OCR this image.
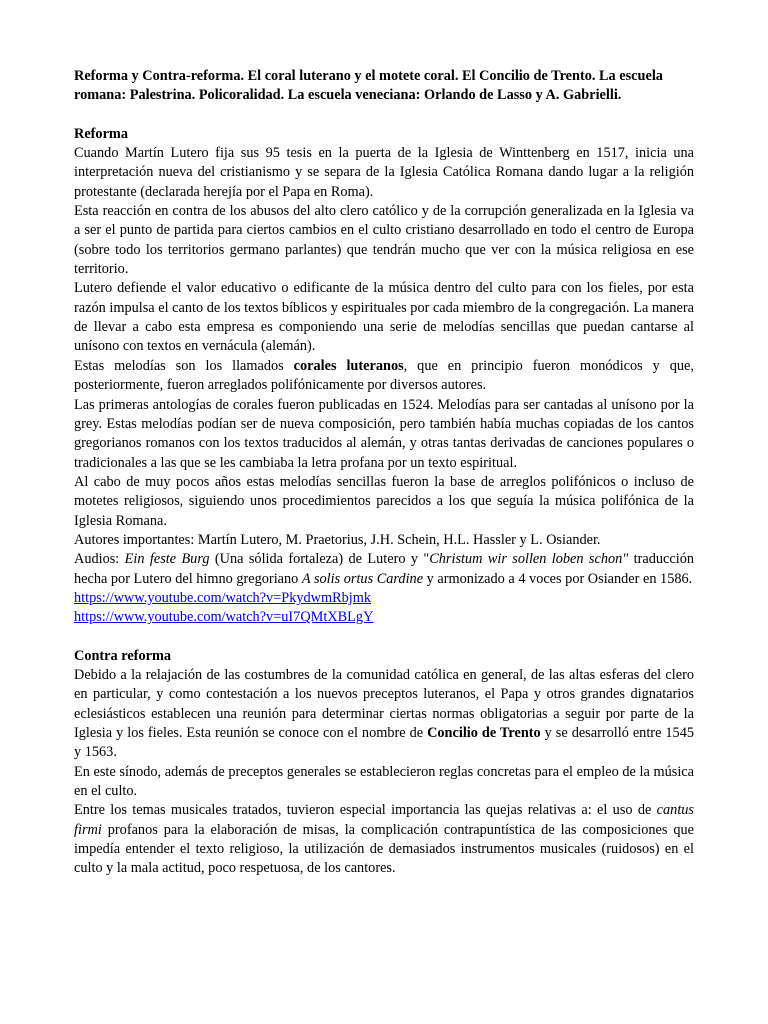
Reforma y Contra-reforma. El coral luterano y el motete coral. El Concilio de Trento. La escuela romana: Palestrina. Policoralidad. La escuela veneciana: Orlando de Lasso y A. Gabrielli.

Reforma

Cuando Martín Lutero fija sus 95 tesis en la puerta de la Iglesia de Winttenberg en 1517, inicia una interpretación nueva del cristianismo y se separa de la Iglesia Católica Romana dando lugar a la religión protestante (declarada herejía por el Papa en Roma).

Esta reacción en contra de los abusos del alto clero católico y de la corrupción generalizada en la Iglesia va a ser el punto de partida para ciertos cambios en el culto cristiano desarrollado en todo el centro de Europa (sobre todo los territorios germano parlantes) que tendrán mucho que ver con la música religiosa en ese territorio.

Lutero defiende el valor educativo o edificante de la música dentro del culto para con los fieles, por esta razón impulsa el canto de los textos bíblicos y espirituales por cada miembro de la congregación. La manera de llevar a cabo esta empresa es componiendo una serie de melodías sencillas que puedan cantarse al unísono con textos en vernácula (alemán).

Estas melodías son los llamados corales luteranos, que en principio fueron monódicos y que, posteriormente, fueron arreglados polifónicamente por diversos autores.

Las primeras antologías de corales fueron publicadas en 1524. Melodías para ser cantadas al unísono por la grey. Estas melodías podían ser de nueva composición, pero también había muchas copiadas de los cantos gregorianos romanos con los textos traducidos al alemán, y otras tantas derivadas de canciones populares o tradicionales a las que se les cambiaba la letra profana por un texto espiritual.

Al cabo de muy pocos años estas melodías sencillas fueron la base de arreglos polifónicos o incluso de motetes religiosos, siguiendo unos procedimientos parecidos a los que seguía la música polifónica de la Iglesia Romana.

Autores importantes: Martín Lutero, M. Praetorius, J.H. Schein, H.L. Hassler y L. Osiander.

Audios: Ein feste Burg (Una sólida fortaleza) de Lutero y "Christum wir sollen loben schon" traducción hecha por Lutero del himno gregoriano A solis ortus Cardine y armonizado a 4 voces por Osiander en 1586.

https://www.youtube.com/watch?v=PkydwmRbjmk
https://www.youtube.com/watch?v=uI7QMtXBLgY

Contra reforma

Debido a la relajación de las costumbres de la comunidad católica en general, de las altas esferas del clero en particular, y como contestación a los nuevos preceptos luteranos, el Papa y otros grandes dignatarios eclesiásticos establecen una reunión para determinar ciertas normas obligatorias a seguir por parte de la Iglesia y los fieles. Esta reunión se conoce con el nombre de Concilio de Trento y se desarrolló entre 1545 y 1563.

En este sínodo, además de preceptos generales se establecieron reglas concretas para el empleo de la música en el culto.

Entre los temas musicales tratados, tuvieron especial importancia las quejas relativas a: el uso de cantus firmi profanos para la elaboración de misas, la complicación contrapuntística de las composiciones que impedía entender el texto religioso, la utilización de demasiados instrumentos musicales (ruidosos) en el culto y la mala actitud, poco respetuosa, de los cantores.
